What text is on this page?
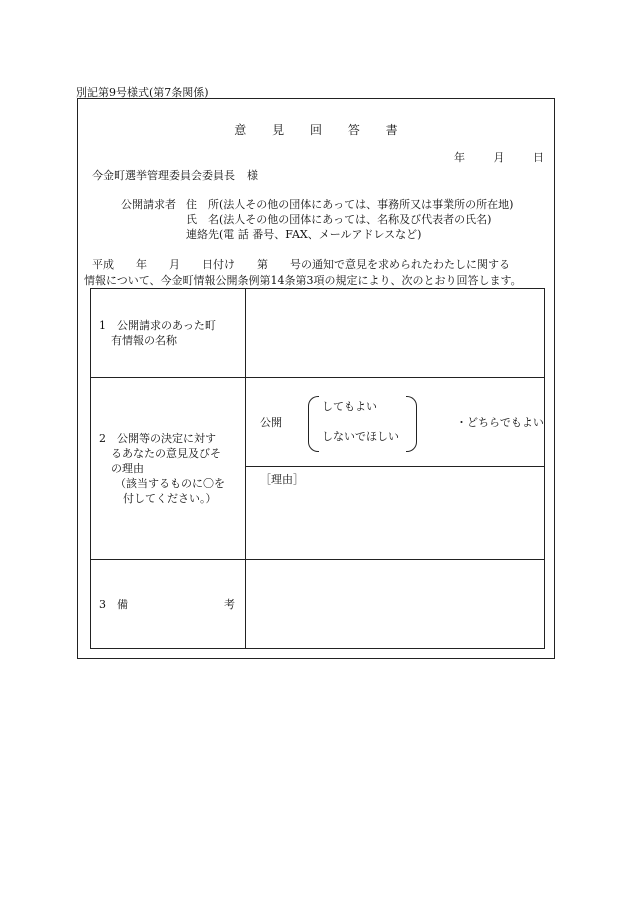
別記第9号様式(第7条関係)
意 見 回 答 書
年	月	日
今金町選挙管理委員会委員長 様
公開請求者 住　所(法人その他の団体にあっては、事務所又は事業所の所在地)
氏　名(法人その他の団体にあっては、名称及び代表者の氏名)
連絡先(電 話 番号、FAX、メールアドレスなど)
平成 年 月 日付け 第 号の通知で意見を求められたわたしに関する
情報について、今金町情報公開条例第14条第3項の規定により、次のとおり回答します。
1　公開請求のあった町
有情報の名称	

2　公開等の決定に対す
るあなたの意見及びそ
の理由
（該当するものに〇を
付してください。）	公開
してもよい
しないでほしい
・どちらでもよい

	［理由］

3　備 考	
